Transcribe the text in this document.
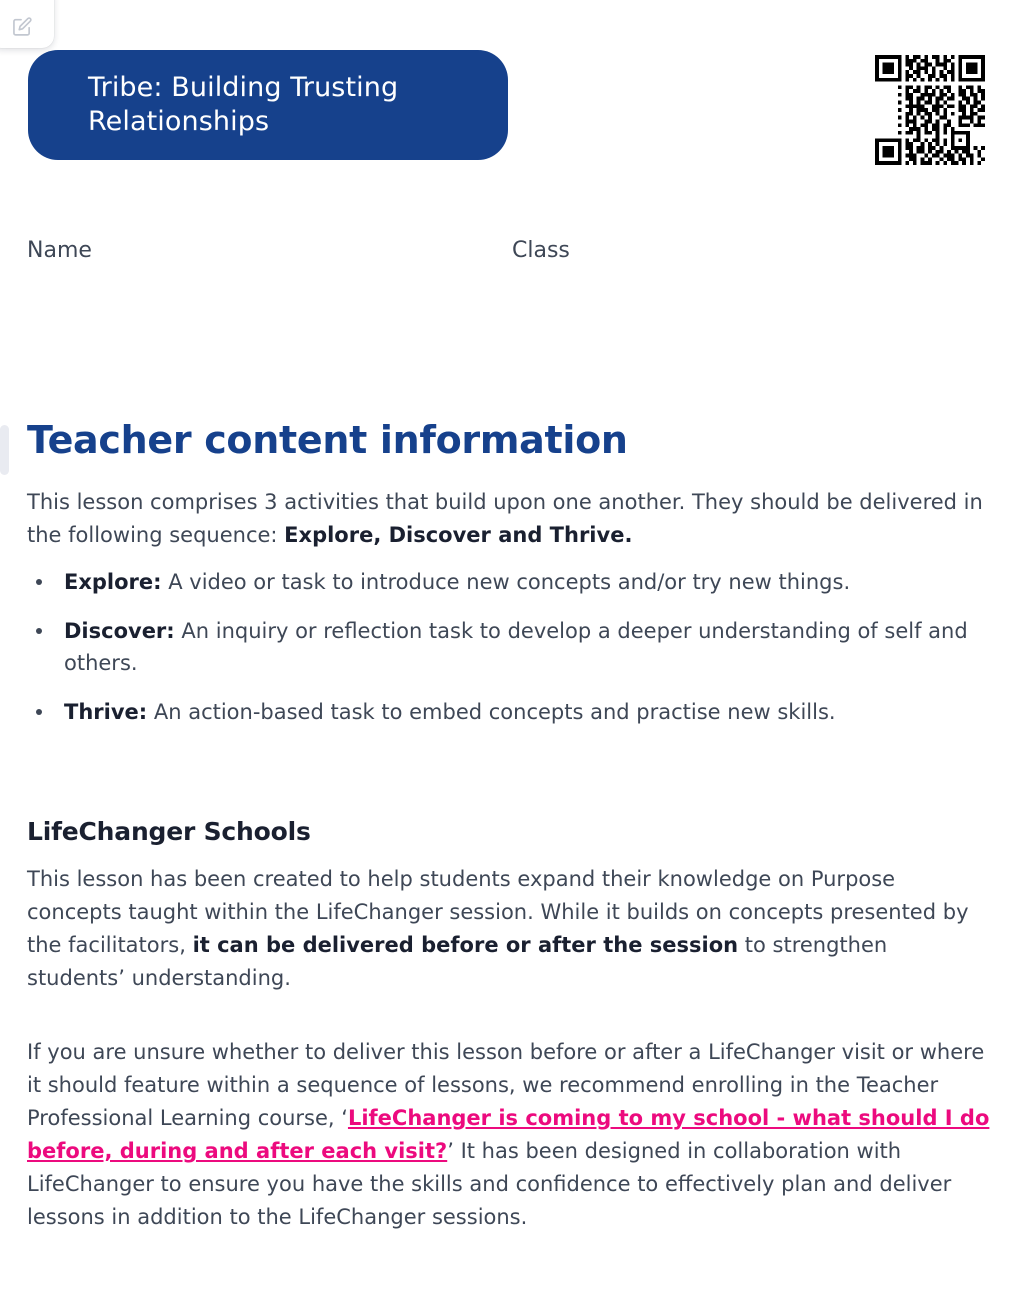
Tribe: Building Trusting Relationships
Name	Class
Teacher content information

This lesson comprises 3 activities that build upon one another. They should be delivered in the following sequence: Explore, Discover and Thrive.

Explore: A video or task to introduce new concepts and/or try new things.
Discover: An inquiry or reflection task to develop a deeper understanding of self and others.
Thrive: An action-based task to embed concepts and practise new skills.
LifeChanger Schools

This lesson has been created to help students expand their knowledge on Purpose concepts taught within the LifeChanger session. While it builds on concepts presented by the facilitators, it can be delivered before or after the session to strengthen students’ understanding.

If you are unsure whether to deliver this lesson before or after a LifeChanger visit or where it should feature within a sequence of lessons, we recommend enrolling in the Teacher Professional Learning course, ‘LifeChanger is coming to my school - what should I do before, during and after each visit?’ It has been designed in collaboration with LifeChanger to ensure you have the skills and confidence to effectively plan and deliver lessons in addition to the LifeChanger sessions.
